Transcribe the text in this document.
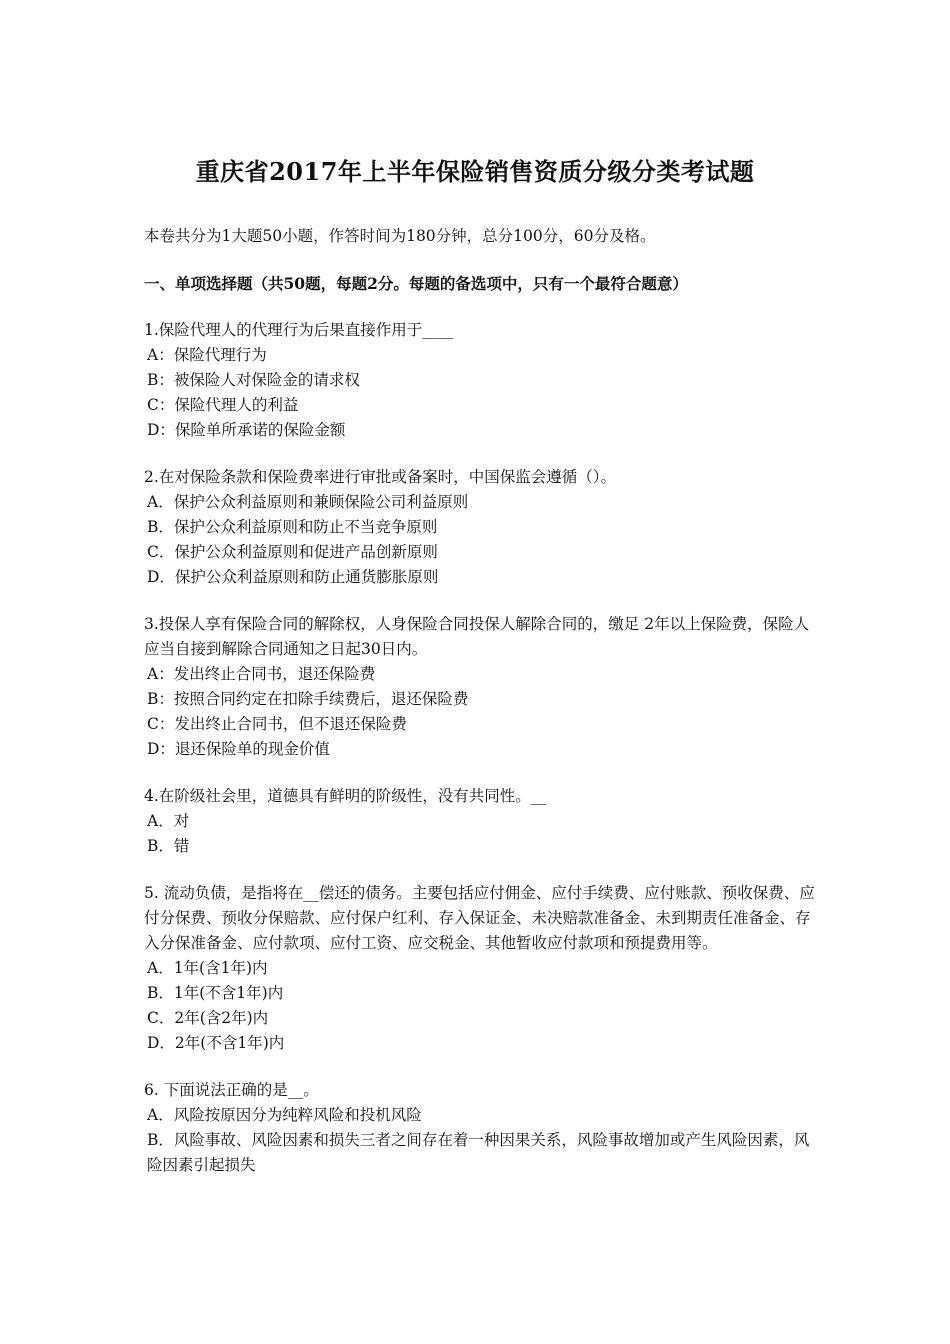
重庆省2017年上半年保险销售资质分级分类考试题

本卷共分为1大题50小题，作答时间为180分钟，总分100分，60分及格。

一、单项选择题（共50题，每题2分。每题的备选项中，只有一个最符合题意）

1.保险代理人的代理行为后果直接作用于____

A：保险代理行为

B：被保险人对保险金的请求权

C：保险代理人的利益

D：保险单所承诺的保险金额

2.在对保险条款和保险费率进行审批或备案时，中国保监会遵循（）。

A．保护公众利益原则和兼顾保险公司利益原则

B．保护公众利益原则和防止不当竞争原则

C．保护公众利益原则和促进产品创新原则

D．保护公众利益原则和防止通货膨胀原则

3.投保人享有保险合同的解除权，人身保险合同投保人解除合同的，缴足 2年以上保险费，保险人应当自接到解除合同通知之日起30日内。

A：发出终止合同书，退还保险费

B：按照合同约定在扣除手续费后，退还保险费

C：发出终止合同书，但不退还保险费

D：退还保险单的现金价值

4.在阶级社会里，道德具有鲜明的阶级性，没有共同性。__

A．对

B．错

5. 流动负债，是指将在__偿还的债务。主要包括应付佣金、应付手续费、应付账款、预收保费、应付分保费、预收分保赔款、应付保户红利、存入保证金、未决赔款准备金、未到期责任准备金、存入分保准备金、应付款项、应付工资、应交税金、其他暂收应付款项和预提费用等。

A．1年(含1年)内

B．1年(不含1年)内

C．2年(含2年)内

D．2年(不含1年)内

6. 下面说法正确的是__。

A．风险按原因分为纯粹风险和投机风险

B．风险事故、风险因素和损失三者之间存在着一种因果关系，风险事故增加或产生风险因素，风险因素引起损失
